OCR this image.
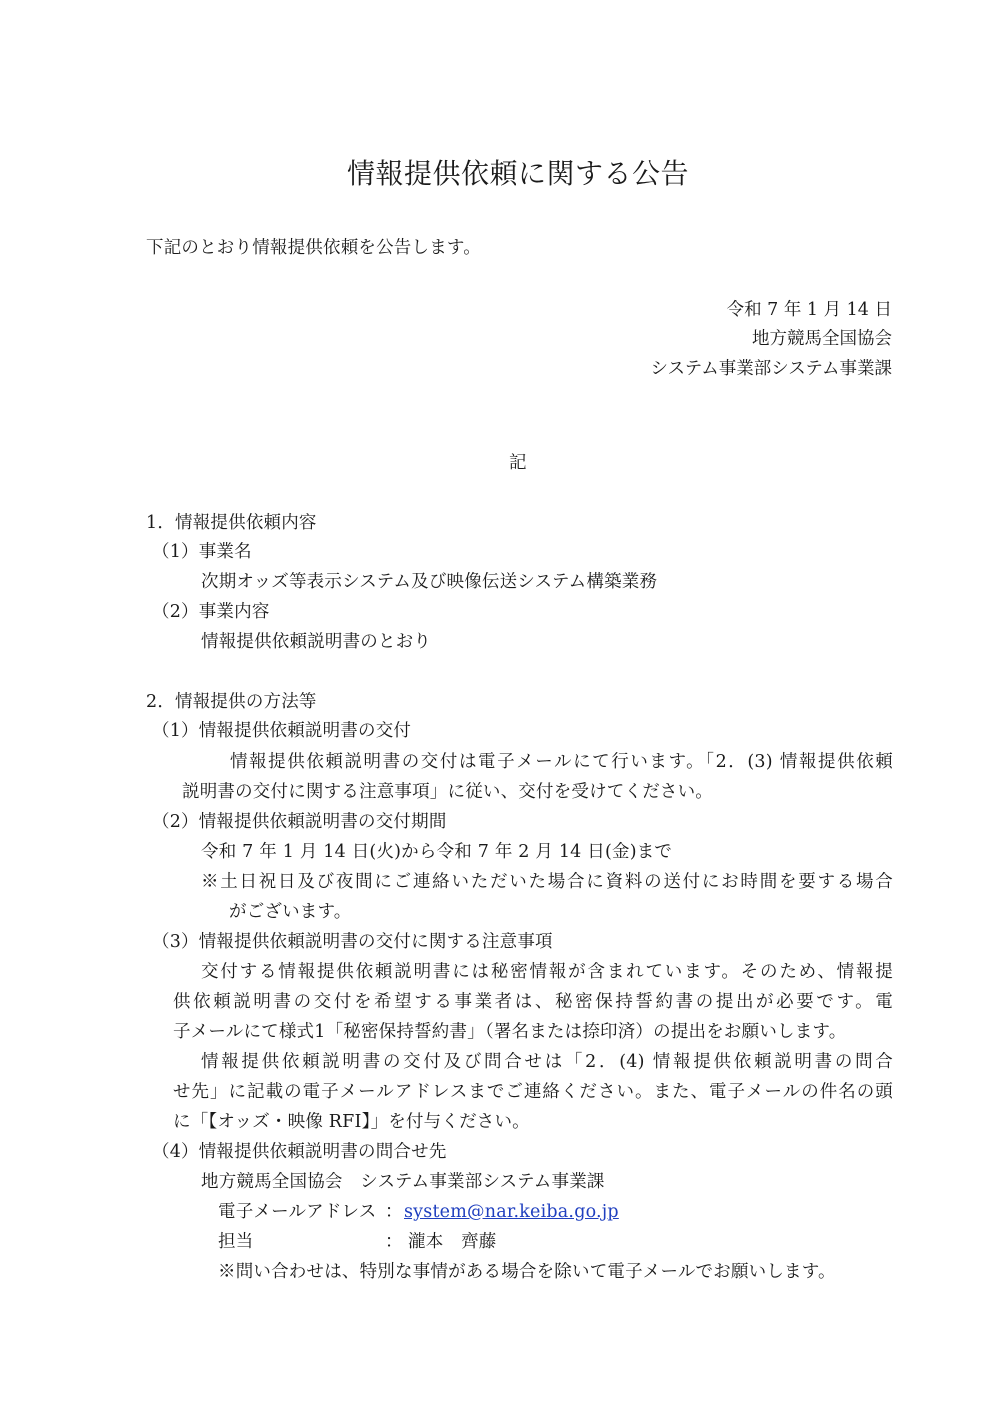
情報提供依頼に関する公告
下記のとおり情報提供依頼を公告します。
令和 7 年 1 月 14 日
地方競馬全国協会
システム事業部システム事業課
記
1．情報提供依頼内容
（1）事業名
次期オッズ等表示システム及び映像伝送システム構築業務
（2）事業内容
情報提供依頼説明書のとおり
2．情報提供の方法等
（1）情報提供依頼説明書の交付
情報提供依頼説明書の交付は電子メールにて行います。「2．(3) 情報提供依頼
説明書の交付に関する注意事項」に従い、交付を受けてください。
（2）情報提供依頼説明書の交付期間
令和 7 年 1 月 14 日(火)から令和 7 年 2 月 14 日(金)まで
※土日祝日及び夜間にご連絡いただいた場合に資料の送付にお時間を要する場合
がございます。
（3）情報提供依頼説明書の交付に関する注意事項
交付する情報提供依頼説明書には秘密情報が含まれています。そのため、情報提
供依頼説明書の交付を希望する事業者は、秘密保持誓約書の提出が必要です。電
子メールにて様式1「秘密保持誓約書」（署名または捺印済）の提出をお願いします。
情報提供依頼説明書の交付及び問合せは「2．(4) 情報提供依頼説明書の問合
せ先」に記載の電子メールアドレスまでご連絡ください。また、電子メールの件名の頭
に「【オッズ・映像 RFI】」を付与ください。
（4）情報提供依頼説明書の問合せ先
地方競馬全国協会　システム事業部システム事業課
電子メールアドレス ： system@nar.keiba.go.jp
担当	： 瀧本　齊藤
※問い合わせは、特別な事情がある場合を除いて電子メールでお願いします。
